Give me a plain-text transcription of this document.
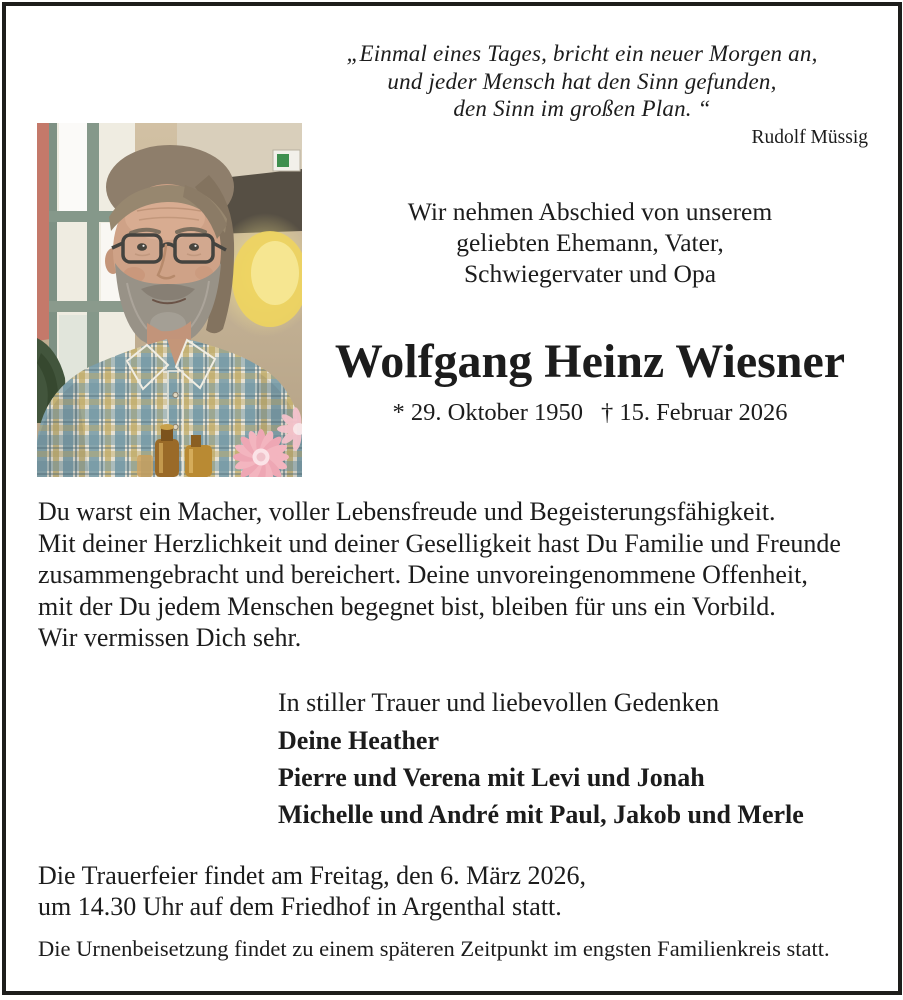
„Einmal eines Tages, bricht ein neuer Morgen an,
und jeder Mensch hat den Sinn gefunden,
den Sinn im großen Plan. “
Rudolf Müssig
Wir nehmen Abschied von unserem
geliebten Ehemann, Vater,
Schwiegervater und Opa
Wolfgang Heinz Wiesner
* 29. Oktober 1950 † 15. Februar 2026
Du warst ein Macher, voller Lebensfreude und Begeisterungsfähigkeit.
Mit deiner Herzlichkeit und deiner Geselligkeit hast Du Familie und Freunde
zusammengebracht und bereichert. Deine unvoreingenommene Offenheit,
mit der Du jedem Menschen begegnet bist, bleiben für uns ein Vorbild.
Wir vermissen Dich sehr.
In stiller Trauer und liebevollen Gedenken
Deine Heather
Pierre und Verena mit Levi und Jonah
Michelle und André mit Paul, Jakob und Merle
Die Trauerfeier findet am Freitag, den 6. März 2026,
um 14.30 Uhr auf dem Friedhof in Argenthal statt.
Die Urnenbeisetzung findet zu einem späteren Zeitpunkt im engsten Familienkreis statt.
